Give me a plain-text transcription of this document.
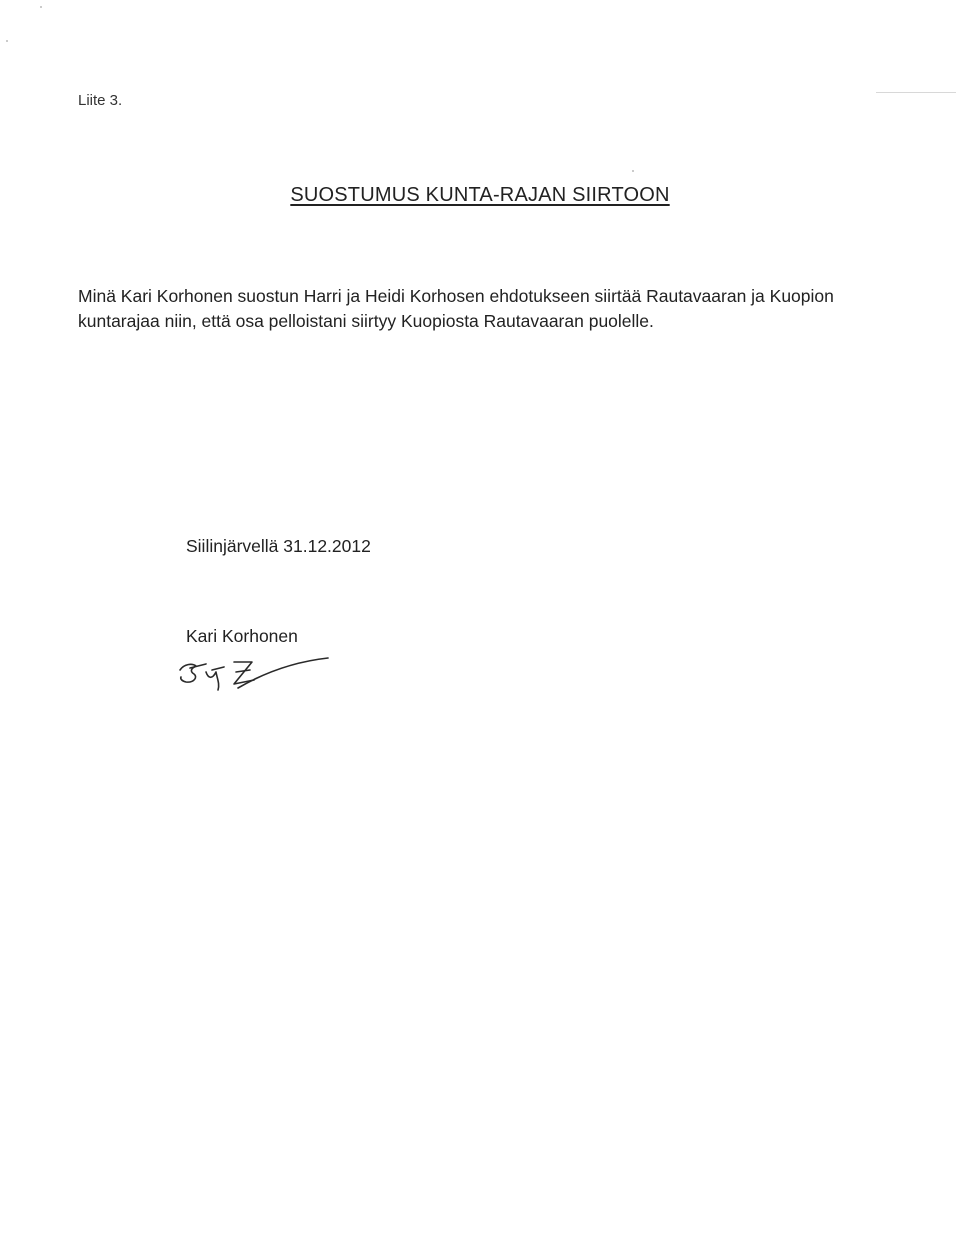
Liite 3.
SUOSTUMUS KUNTA-RAJAN SIIRTOON

Minä Kari Korhonen suostun Harri ja Heidi Korhosen ehdotukseen siirtää Rautavaaran ja Kuopion

kuntarajaa niin, että osa pelloistani siirtyy Kuopiosta Rautavaaran puolelle.

Siilinjärvellä 31.12.2012
Kari Korhonen
